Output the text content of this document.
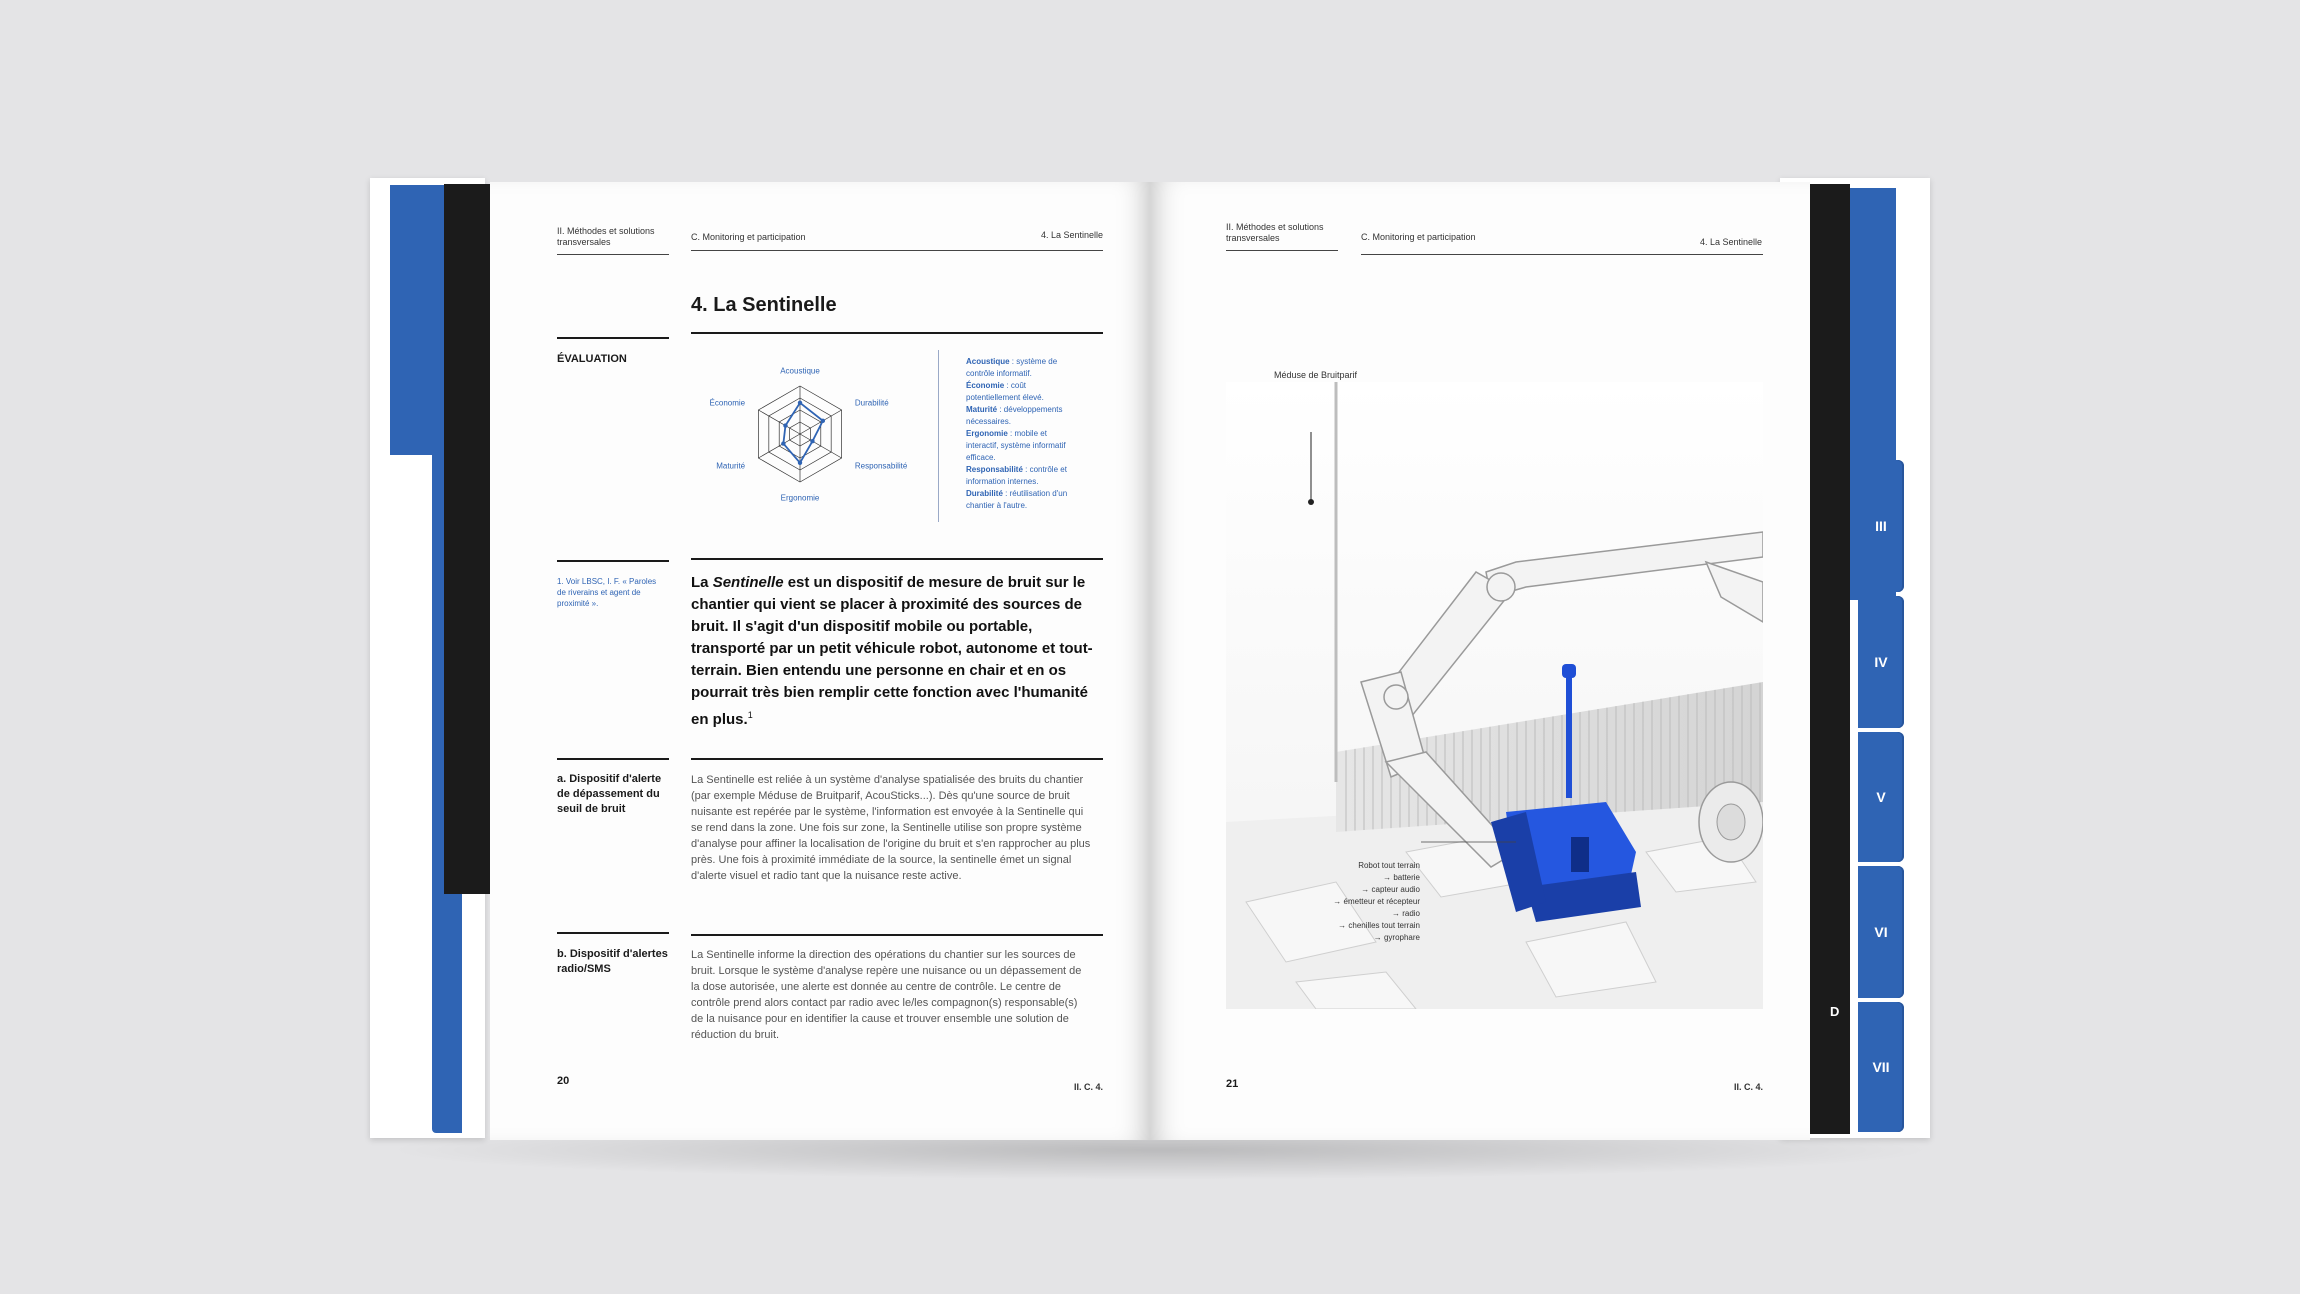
D
III
IV
V
VI
VII
II. Méthodes et solutions transversales	C. Monitoring et participation	4. La Sentinelle
4. La Sentinelle
ÉVALUATION
Acoustique
Durabilité
Responsabilité
Ergonomie
Maturité
Économie
Acoustique : système de contrôle informatif.
Économie : coût potentiellement élevé.
Maturité : développements nécessaires.
Ergonomie : mobile et interactif, système informatif efficace.
Responsabilité : contrôle et information internes.
Durabilité : réutilisation d'un chantier à l'autre.
1. Voir LBSC, I. F. « Paroles de riverains et agent de proximité ».
La Sentinelle est un dispositif de mesure de bruit sur le chantier qui vient se placer à proximité des sources de bruit. Il s'agit d'un dispositif mobile ou portable, transporté par un petit véhicule robot, autonome et tout-terrain. Bien entendu une personne en chair et en os pourrait très bien remplir cette fonction avec l'humanité en plus.$^1$
a. Dispositif d'alerte de dépassement du seuil de bruit
La Sentinelle est reliée à un système d'analyse spatialisée des bruits du chantier (par exemple Méduse de Bruitparif, AcouSticks...). Dès qu'une source de bruit nuisante est repérée par le système, l'information est envoyée à la Sentinelle qui se rend dans la zone. Une fois sur zone, la Sentinelle utilise son propre système d'analyse pour affiner la localisation de l'origine du bruit et s'en rapprocher au plus près. Une fois à proximité immédiate de la source, la sentinelle émet un signal d'alerte visuel et radio tant que la nuisance reste active.
b. Dispositif d'alertes radio/SMS
La Sentinelle informe la direction des opérations du chantier sur les sources de bruit. Lorsque le système d'analyse repère une nuisance ou un dépassement de la dose autorisée, une alerte est donnée au centre de contrôle. Le centre de contrôle prend alors contact par radio avec le/les compagnon(s) responsable(s) de la nuisance pour en identifier la cause et trouver ensemble une solution de réduction du bruit.
20	II. C. 4.
II. Méthodes et solutions transversales	C. Monitoring et participation	4. La Sentinelle
Méduse de Bruitparif
Robot tout terrain
→ batterie
→ capteur audio
→ émetteur et récepteur
→ radio
→ chenilles tout terrain
→ gyrophare
21	II. C. 4.
